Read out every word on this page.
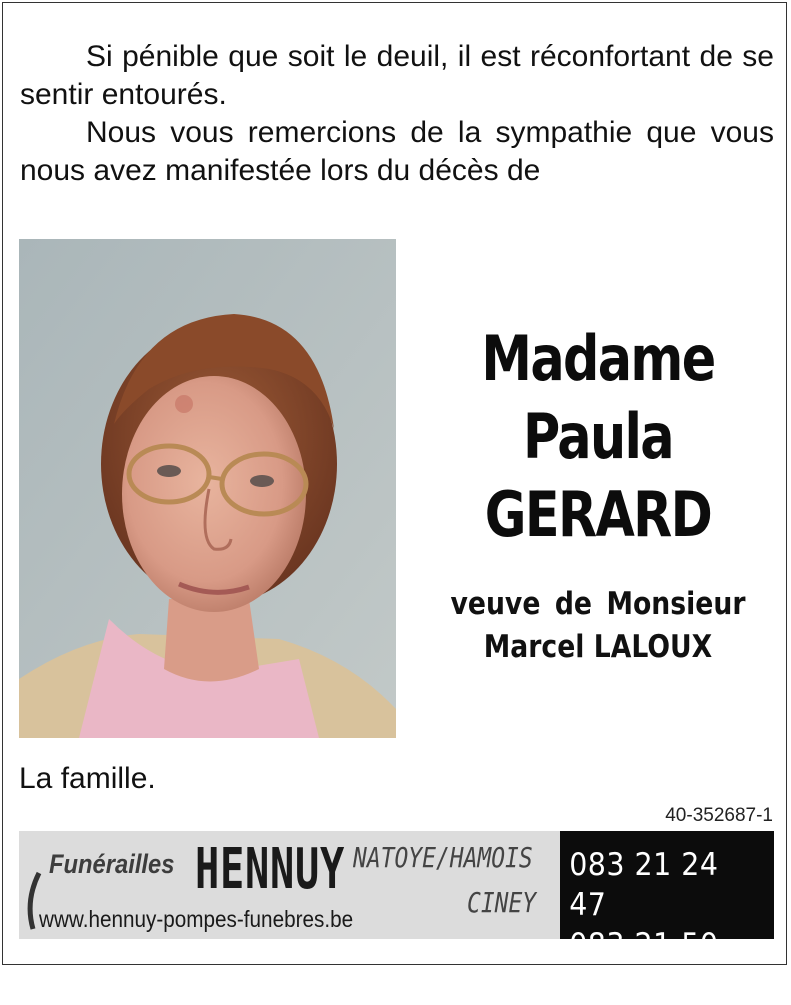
Si pénible que soit le deuil, il est réconfortant de se sentir entourés.

Nous vous remercions de la sympathie que vous nous avez manifestée lors du décès de

Madame
Paula
GERARD
veuve de Monsieur
Marcel LALOUX
La famille.
40-352687-1
Funérailles HENNUY NATOYE/HAMOIS
CINEY
www.hennuy-pompes-funebres.be
083 21 24 47
083 21 50 50
